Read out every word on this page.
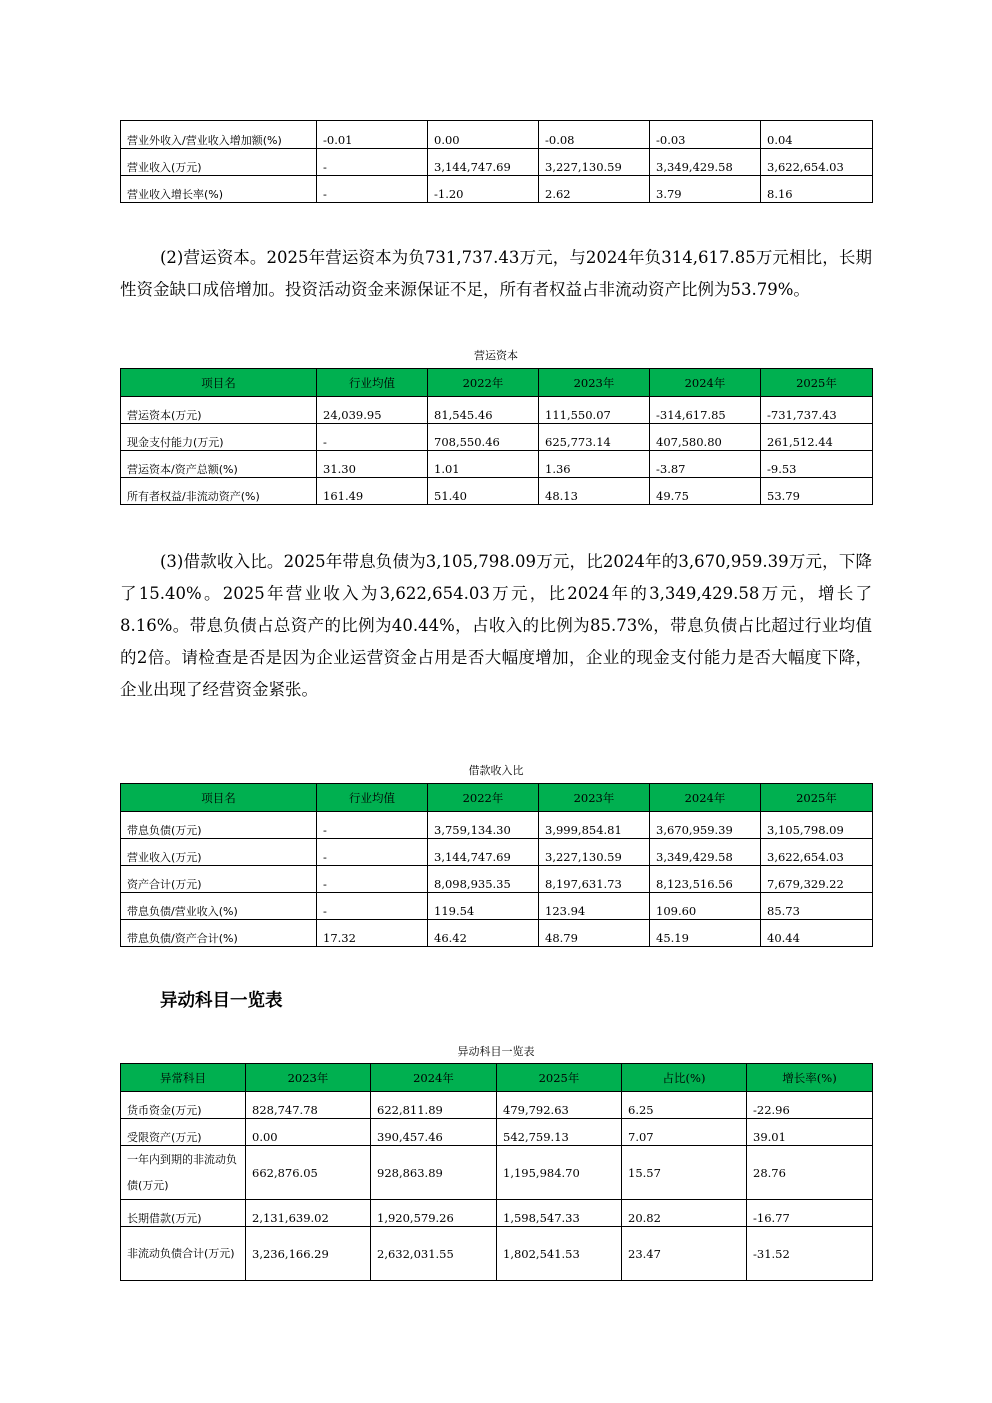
营业外收入/营业收入增加额(%)	-0.01	0.00	-0.08	-0.03	0.04
营业收入(万元)	-	3,144,747.69	3,227,130.59	3,349,429.58	3,622,654.03
营业收入增长率(%)	-	-1.20	2.62	3.79	8.16
(2)营运资本。2025年营运资本为负731,737.43万元，与2024年负314,617.85万元相比，长期性资金缺口成倍增加。投资活动资金来源保证不足，所有者权益占非流动资产比例为53.79%。
营运资本
项目名	行业均值	2022年	2023年	2024年	2025年
营运资本(万元)	24,039.95	81,545.46	111,550.07	-314,617.85	-731,737.43
现金支付能力(万元)	-	708,550.46	625,773.14	407,580.80	261,512.44
营运资本/资产总额(%)	31.30	1.01	1.36	-3.87	-9.53
所有者权益/非流动资产(%)	161.49	51.40	48.13	49.75	53.79
(3)借款收入比。2025年带息负债为3,105,798.09万元，比2024年的3,670,959.39万元，下降了15.40%。2025年营业收入为3,622,654.03万元，比2024年的3,349,429.58万元，增长了8.16%。带息负债占总资产的比例为40.44%，占收入的比例为85.73%，带息负债占比超过行业均值的2倍。请检查是否是因为企业运营资金占用是否大幅度增加，企业的现金支付能力是否大幅度下降，企业出现了经营资金紧张。
借款收入比
项目名	行业均值	2022年	2023年	2024年	2025年
带息负债(万元)	-	3,759,134.30	3,999,854.81	3,670,959.39	3,105,798.09
营业收入(万元)	-	3,144,747.69	3,227,130.59	3,349,429.58	3,622,654.03
资产合计(万元)	-	8,098,935.35	8,197,631.73	8,123,516.56	7,679,329.22
带息负债/营业收入(%)	-	119.54	123.94	109.60	85.73
带息负债/资产合计(%)	17.32	46.42	48.79	45.19	40.44
异动科目一览表
异动科目一览表
异常科目	2023年	2024年	2025年	占比(%)	增长率(%)
货币资金(万元)	828,747.78	622,811.89	479,792.63	6.25	-22.96
受限资产(万元)	0.00	390,457.46	542,759.13	7.07	39.01
一年内到期的非流动负债(万元)	662,876.05	928,863.89	1,195,984.70	15.57	28.76
长期借款(万元)	2,131,639.02	1,920,579.26	1,598,547.33	20.82	-16.77
非流动负债合计(万元)	3,236,166.29	2,632,031.55	1,802,541.53	23.47	-31.52
